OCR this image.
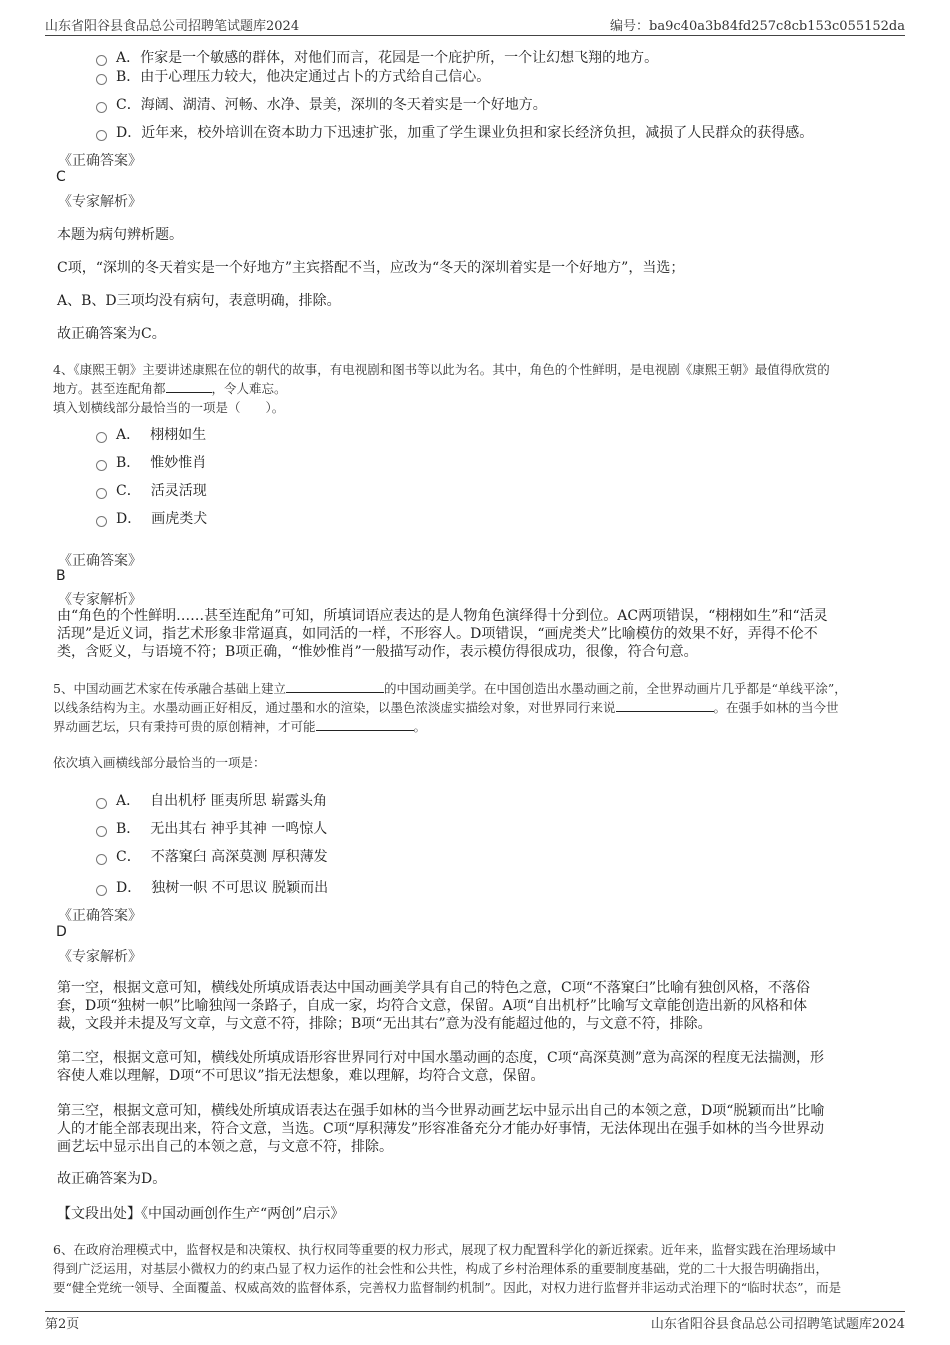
山东省阳谷县食品总公司招聘笔试题库2024	编号：ba9c40a3b84fd257c8cb153c055152da
A．作家是一个敏感的群体，对他们而言，花园是一个庇护所，一个让幻想飞翔的地方。
B．由于心理压力较大，他决定通过占卜的方式给自己信心。
C．海阔、湖清、河畅、水净、景美，深圳的冬天着实是一个好地方。
D．近年来，校外培训在资本助力下迅速扩张，加重了学生课业负担和家长经济负担，减损了人民群众的获得感。
《正确答案》
C
《专家解析》
本题为病句辨析题。
C项，“深圳的冬天着实是一个好地方”主宾搭配不当，应改为“冬天的深圳着实是一个好地方”，当选；
A、B、D三项均没有病句，表意明确，排除。
故正确答案为C。
4、《康熙王朝》主要讲述康熙在位的朝代的故事，有电视剧和图书等以此为名。其中，角色的个性鲜明，是电视剧《康熙王朝》最值得欣赏的
地方。甚至连配角都	，令人难忘。
填入划横线部分最恰当的一项是（　　）。
A． 栩栩如生
B． 惟妙惟肖
C． 活灵活现
D． 画虎类犬
《正确答案》
B
《专家解析》
由“角色的个性鲜明……甚至连配角”可知，所填词语应表达的是人物角色演绎得十分到位。AC两项错误，“栩栩如生”和“活灵
活现”是近义词，指艺术形象非常逼真，如同活的一样，不形容人。D项错误，“画虎类犬”比喻模仿的效果不好，弄得不伦不
类，含贬义，与语境不符；B项正确，“惟妙惟肖”一般描写动作，表示模仿得很成功，很像，符合句意。
5、中国动画艺术家在传承融合基础上建立	的中国动画美学。在中国创造出水墨动画之前，全世界动画片几乎都是“单线平涂”，
以线条结构为主。水墨动画正好相反，通过墨和水的渲染，以墨色浓淡虚实描绘对象，对世界同行来说	。在强手如林的当今世
界动画艺坛，只有秉持可贵的原创精神，才可能	。
依次填入画横线部分最恰当的一项是：
A． 自出机杼 匪夷所思 崭露头角
B． 无出其右 神乎其神 一鸣惊人
C． 不落窠臼 高深莫测 厚积薄发
D． 独树一帜 不可思议 脱颖而出
《正确答案》
D
《专家解析》
第一空，根据文意可知，横线处所填成语表达中国动画美学具有自己的特色之意，C项“不落窠臼”比喻有独创风格，不落俗
套，D项“独树一帜”比喻独闯一条路子，自成一家，均符合文意，保留。A项“自出机杼”比喻写文章能创造出新的风格和体
裁，文段并未提及写文章，与文意不符，排除；B项“无出其右”意为没有能超过他的，与文意不符，排除。
第二空，根据文意可知，横线处所填成语形容世界同行对中国水墨动画的态度，C项“高深莫测”意为高深的程度无法揣测，形
容使人难以理解，D项“不可思议”指无法想象，难以理解，均符合文意，保留。
第三空，根据文意可知，横线处所填成语表达在强手如林的当今世界动画艺坛中显示出自己的本领之意，D项“脱颖而出”比喻
人的才能全部表现出来，符合文意，当选。C项“厚积薄发”形容准备充分才能办好事情，无法体现出在强手如林的当今世界动
画艺坛中显示出自己的本领之意，与文意不符，排除。
故正确答案为D。
【文段出处】《中国动画创作生产“两创”启示》
6、在政府治理模式中，监督权是和决策权、执行权同等重要的权力形式，展现了权力配置科学化的新近探索。近年来，监督实践在治理场域中
得到广泛运用，对基层小微权力的约束凸显了权力运作的社会性和公共性，构成了乡村治理体系的重要制度基础，党的二十大报告明确指出，
要“健全党统一领导、全面覆盖、权威高效的监督体系，完善权力监督制约机制”。因此，对权力进行监督并非运动式治理下的“临时状态”，而是
第2页	山东省阳谷县食品总公司招聘笔试题库2024
